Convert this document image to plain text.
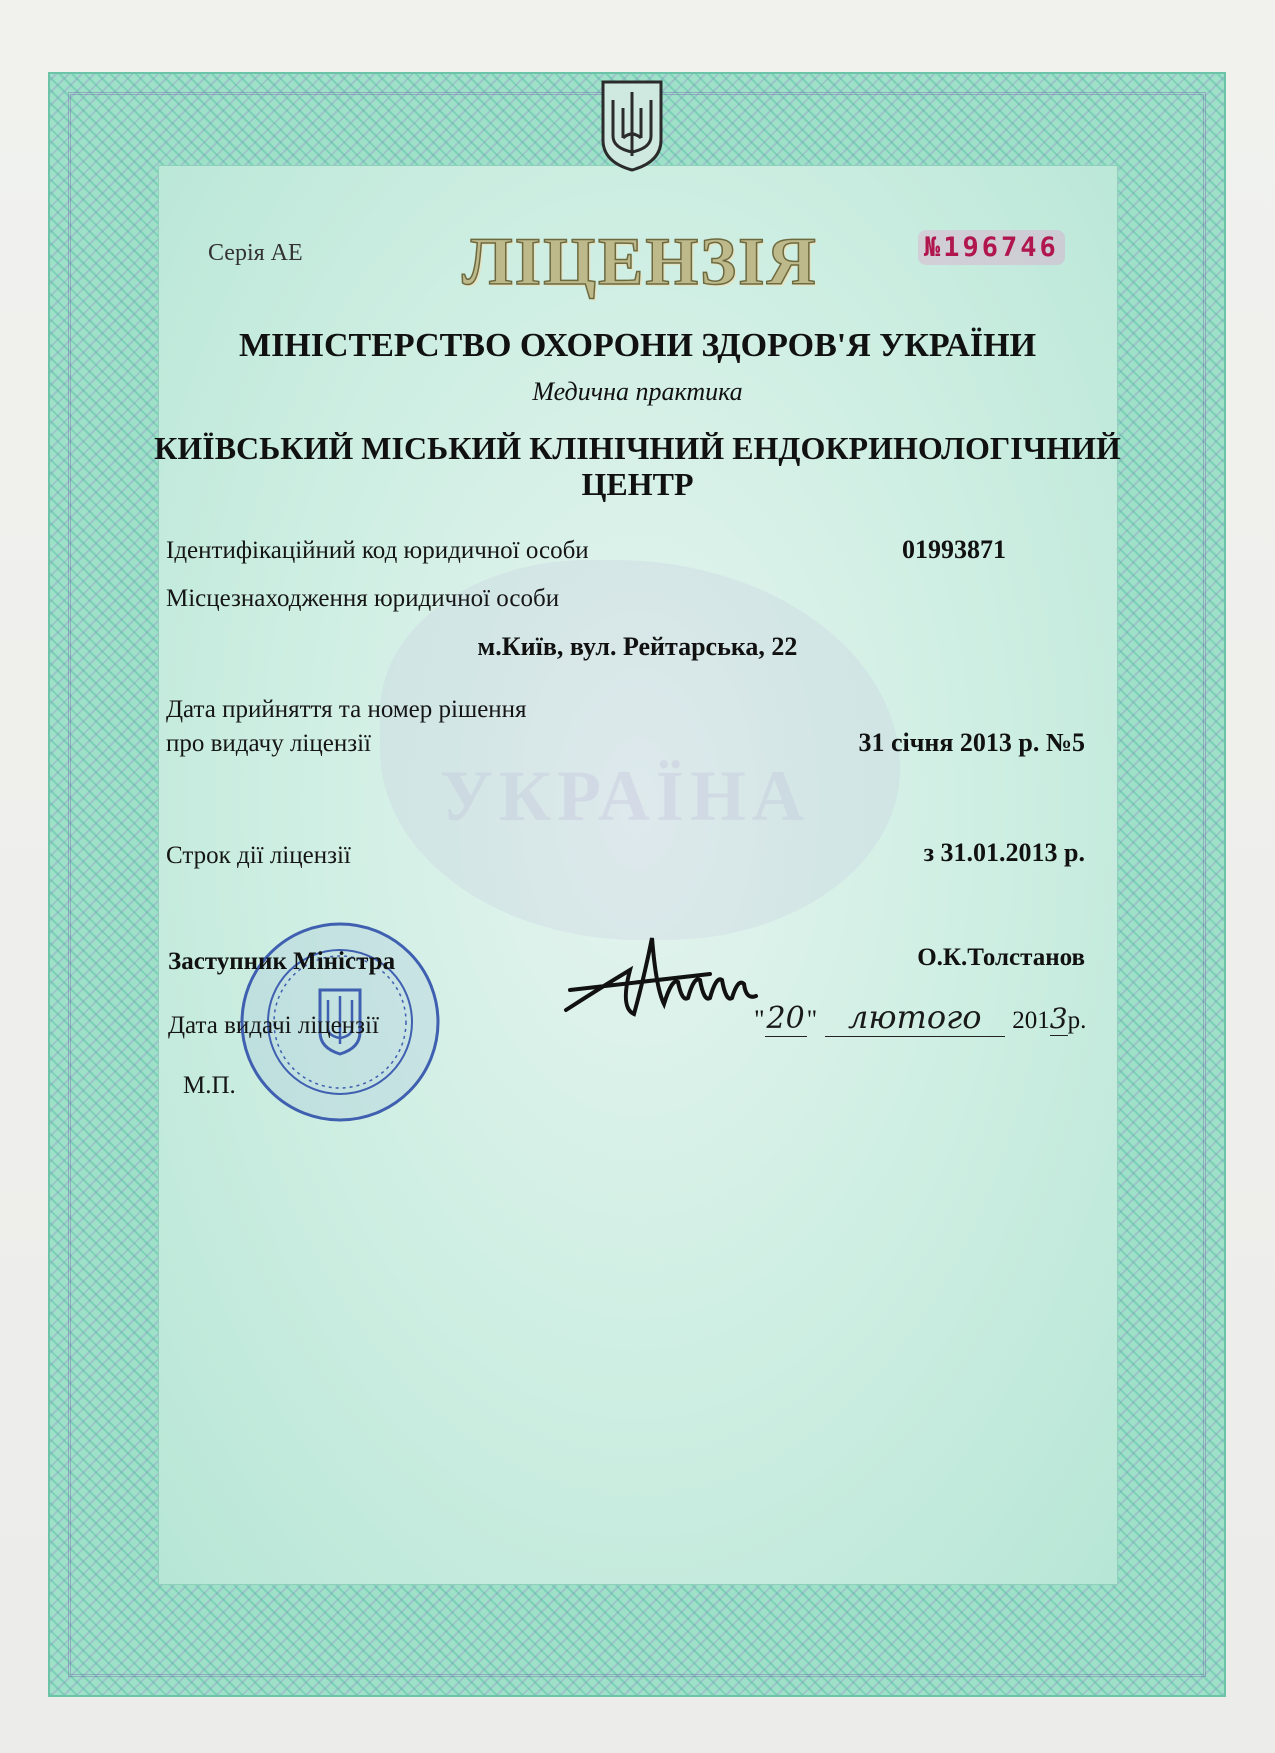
УКРАЇНА
Серія АЕ ЛІЦЕНЗІЯ	№196746
МІНІСТЕРСТВО ОХОРОНИ ЗДОРОВ'Я УКРАЇНИ
Медична практика
КИЇВСЬКИЙ МІСЬКИЙ КЛІНІЧНИЙ ЕНДОКРИНОЛОГІЧНИЙ ЦЕНТР
Ідентифікаційний код юридичної особи	01993871
Місцезнаходження юридичної особи
м.Київ, вул. Рейтарська, 22
Дата прийняття та номер рішення
про видачу ліцензії	31 січня 2013 р. №5
Строк дії ліцензії	з 31.01.2013 р.
Заступник Міністра	О.К.Толстанов
Дата видачі ліцензії	"20" лютого 2013р.
М.П.
